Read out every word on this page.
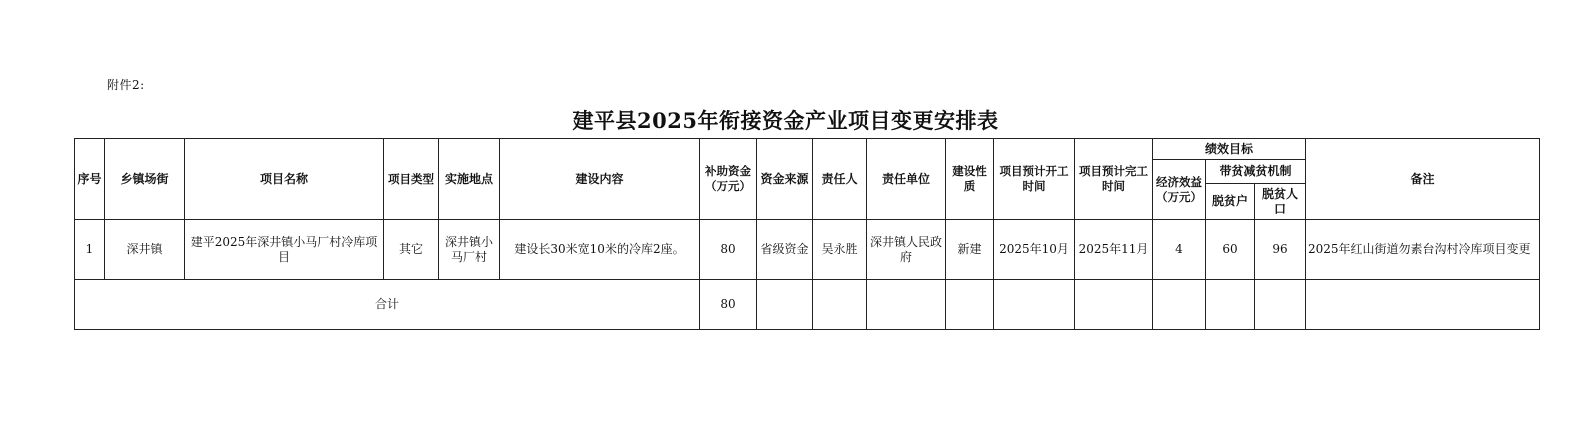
附件2:
建平县2025年衔接资金产业项目变更安排表
序号	乡镇场街	项目名称	项目类型	实施地点	建设内容	补助资金（万元）	资金来源	责任人	责任单位	建设性质	项目预计开工时间	项目预计完工时间	绩效目标			备注
													经济效益（万元）	带贫减贫机制		
														脱贫户	脱贫人口	
1	深井镇	建平2025年深井镇小马厂村冷库项目	其它	深井镇小马厂村	建设长30米宽10米的冷库2座。	80	省级资金	吴永胜	深井镇人民政府	新建	2025年10月	2025年11月	4	60	96	2025年红山街道勿素台沟村冷库项目变更
合计						80										
